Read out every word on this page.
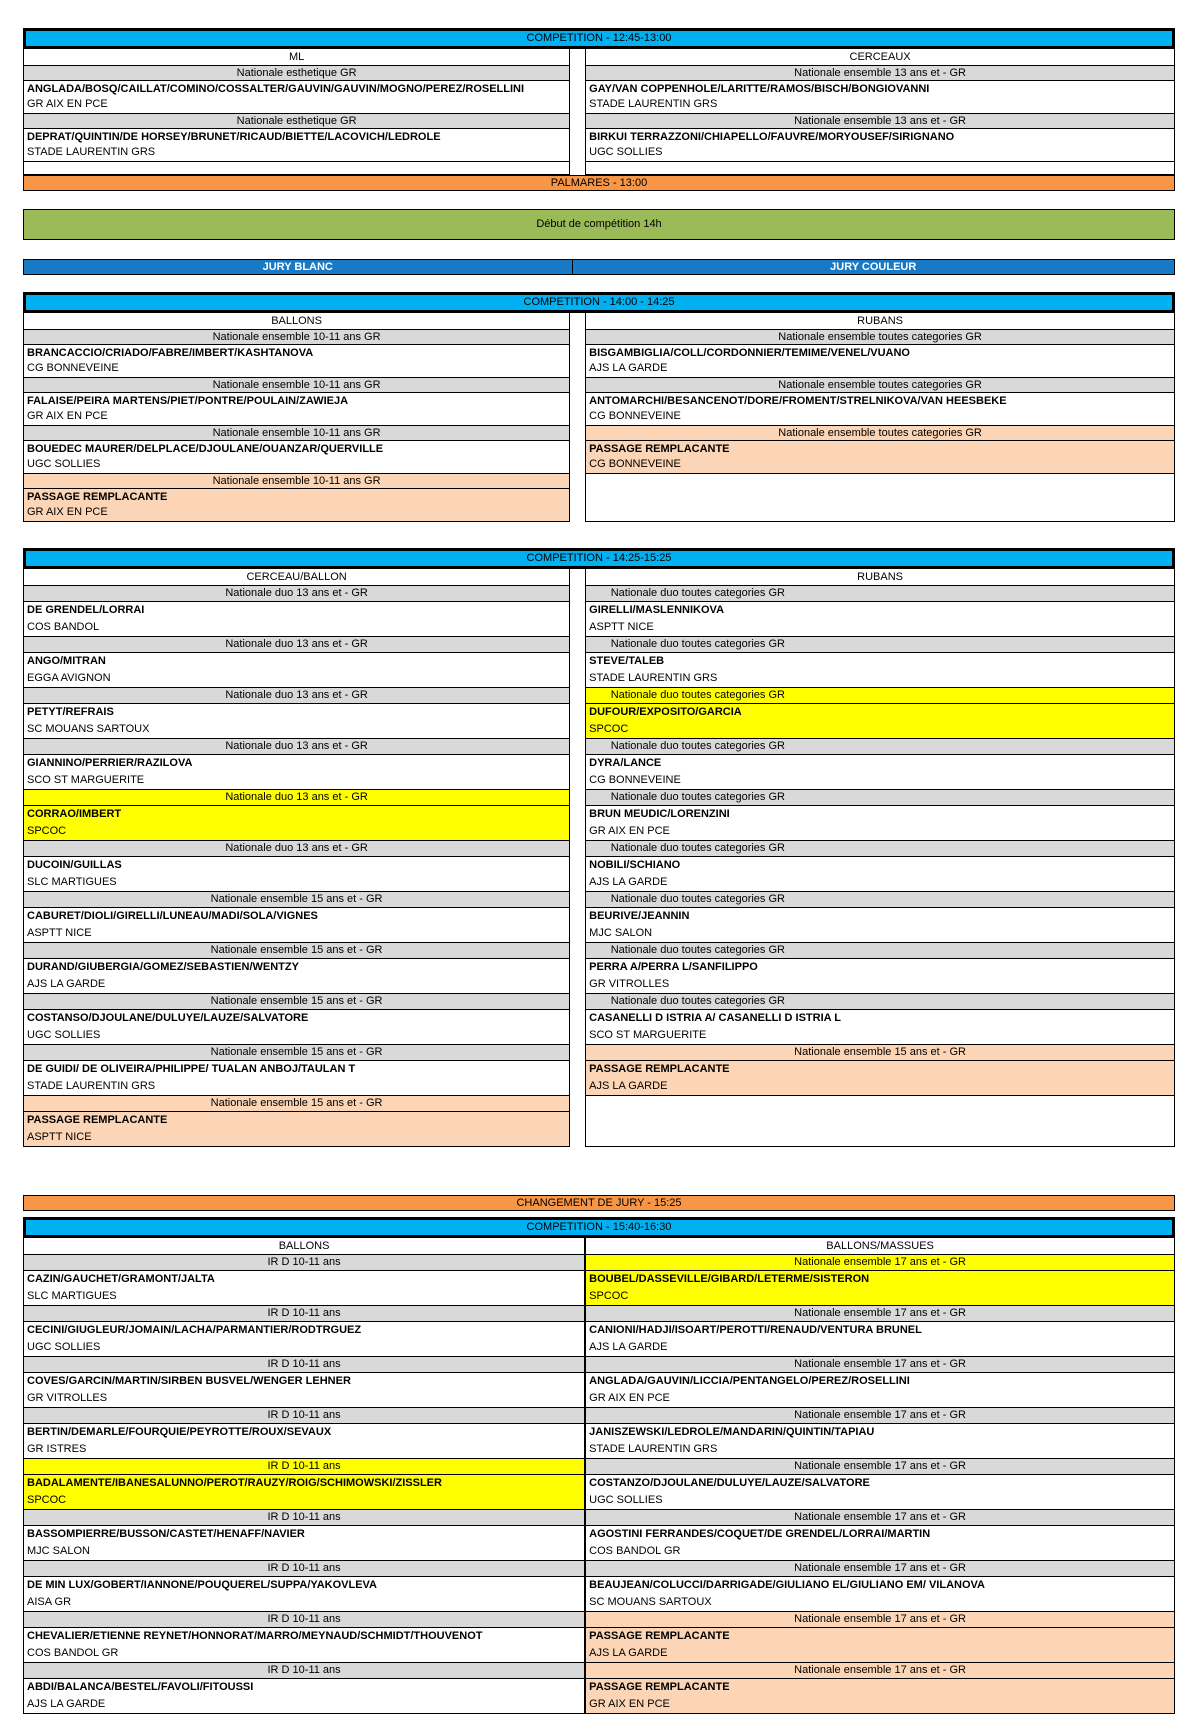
COMPETITION - 12:45-13:00
ML
Nationale esthetique GR
ANGLADA/BOSQ/CAILLAT/COMINO/COSSALTER/GAUVIN/GAUVIN/MOGNO/PEREZ/ROSELLINI
GR AIX EN PCE
Nationale esthetique GR
DEPRAT/QUINTIN/DE HORSEY/BRUNET/RICAUD/BIETTE/LACOVICH/LEDROLE
STADE LAURENTIN GRS
CERCEAUX
Nationale ensemble 13 ans et - GR
GAY/VAN COPPENHOLE/LARITTE/RAMOS/BISCH/BONGIOVANNI
STADE LAURENTIN GRS
Nationale ensemble 13 ans et - GR
BIRKUI TERRAZZONI/CHIAPELLO/FAUVRE/MORYOUSEF/SIRIGNANO
UGC SOLLIES
PALMARES - 13:00
Début de compétition 14h
JURY BLANC	JURY COULEUR
COMPETITION - 14:00 - 14:25
BALLONS
Nationale ensemble 10-11 ans GR
BRANCACCIO/CRIADO/FABRE/IMBERT/KASHTANOVA
CG BONNEVEINE
Nationale ensemble 10-11 ans GR
FALAISE/PEIRA MARTENS/PIET/PONTRE/POULAIN/ZAWIEJA
GR AIX EN PCE
Nationale ensemble 10-11 ans GR
BOUEDEC MAURER/DELPLACE/DJOULANE/OUANZAR/QUERVILLE
UGC SOLLIES
Nationale ensemble 10-11 ans GR
PASSAGE REMPLACANTE
GR AIX EN PCE
RUBANS
Nationale ensemble toutes categories GR
BISGAMBIGLIA/COLL/CORDONNIER/TEMIME/VENEL/VUANO
AJS LA GARDE
Nationale ensemble toutes categories GR
ANTOMARCHI/BESANCENOT/DORE/FROMENT/STRELNIKOVA/VAN HEESBEKE
CG BONNEVEINE
Nationale ensemble toutes categories GR
PASSAGE REMPLACANTE
CG BONNEVEINE
COMPETITION - 14:25-15:25
CERCEAU/BALLON
Nationale duo 13 ans et - GR
DE GRENDEL/LORRAI
COS BANDOL
Nationale duo 13 ans et - GR
ANGO/MITRAN
EGGA AVIGNON
Nationale duo 13 ans et - GR
PETYT/REFRAIS
SC MOUANS SARTOUX
Nationale duo 13 ans et - GR
GIANNINO/PERRIER/RAZILOVA
SCO ST MARGUERITE
Nationale duo 13 ans et - GR
CORRAO/IMBERT
SPCOC
Nationale duo 13 ans et - GR
DUCOIN/GUILLAS
SLC MARTIGUES
Nationale ensemble 15 ans et - GR
CABURET/DIOLI/GIRELLI/LUNEAU/MADI/SOLA/VIGNES
ASPTT NICE
Nationale ensemble 15 ans et - GR
DURAND/GIUBERGIA/GOMEZ/SEBASTIEN/WENTZY
AJS LA GARDE
Nationale ensemble 15 ans et - GR
COSTANSO/DJOULANE/DULUYE/LAUZE/SALVATORE
UGC SOLLIES
Nationale ensemble 15 ans et - GR
DE GUIDI/ DE OLIVEIRA/PHILIPPE/ TUALAN ANBOJ/TAULAN T
STADE LAURENTIN GRS
Nationale ensemble 15 ans et - GR
PASSAGE REMPLACANTE
ASPTT NICE
RUBANS
Nationale duo toutes categories GR
GIRELLI/MASLENNIKOVA
ASPTT NICE
Nationale duo toutes categories GR
STEVE/TALEB
STADE LAURENTIN GRS
Nationale duo toutes categories GR
DUFOUR/EXPOSITO/GARCIA
SPCOC
Nationale duo toutes categories GR
DYRA/LANCE
CG BONNEVEINE
Nationale duo toutes categories GR
BRUN MEUDIC/LORENZINI
GR AIX EN PCE
Nationale duo toutes categories GR
NOBILI/SCHIANO
AJS LA GARDE
Nationale duo toutes categories GR
BEURIVE/JEANNIN
MJC SALON
Nationale duo toutes categories GR
PERRA A/PERRA L/SANFILIPPO
GR VITROLLES
Nationale duo toutes categories GR
CASANELLI D ISTRIA A/ CASANELLI D ISTRIA L
SCO ST MARGUERITE
Nationale ensemble 15 ans et - GR
PASSAGE REMPLACANTE
AJS LA GARDE
CHANGEMENT DE JURY - 15:25
COMPETITION - 15:40-16:30
BALLONS
IR D 10-11 ans
CAZIN/GAUCHET/GRAMONT/JALTA
SLC MARTIGUES
IR D 10-11 ans
CECINI/GIUGLEUR/JOMAIN/LACHA/PARMANTIER/RODTRGUEZ
UGC SOLLIES
IR D 10-11 ans
COVES/GARCIN/MARTIN/SIRBEN BUSVEL/WENGER LEHNER
GR VITROLLES
IR D 10-11 ans
BERTIN/DEMARLE/FOURQUIE/PEYROTTE/ROUX/SEVAUX
GR ISTRES
IR D 10-11 ans
BADALAMENTE/IBANESALUNNO/PEROT/RAUZY/ROIG/SCHIMOWSKI/ZISSLER
SPCOC
IR D 10-11 ans
BASSOMPIERRE/BUSSON/CASTET/HENAFF/NAVIER
MJC SALON
IR D 10-11 ans
DE MIN LUX/GOBERT/IANNONE/POUQUEREL/SUPPA/YAKOVLEVA
AISA GR
IR D 10-11 ans
CHEVALIER/ETIENNE REYNET/HONNORAT/MARRO/MEYNAUD/SCHMIDT/THOUVENOT
COS BANDOL GR
IR D 10-11 ans
ABDI/BALANCA/BESTEL/FAVOLI/FITOUSSI
AJS LA GARDE
BALLONS/MASSUES
Nationale ensemble 17 ans et - GR
BOUBEL/DASSEVILLE/GIBARD/LETERME/SISTERON
SPCOC
Nationale ensemble 17 ans et - GR
CANIONI/HADJI/ISOART/PEROTTI/RENAUD/VENTURA BRUNEL
AJS LA GARDE
Nationale ensemble 17 ans et - GR
ANGLADA/GAUVIN/LICCIA/PENTANGELO/PEREZ/ROSELLINI
GR AIX EN PCE
Nationale ensemble 17 ans et - GR
JANISZEWSKI/LEDROLE/MANDARIN/QUINTIN/TAPIAU
STADE LAURENTIN GRS
Nationale ensemble 17 ans et - GR
COSTANZO/DJOULANE/DULUYE/LAUZE/SALVATORE
UGC SOLLIES
Nationale ensemble 17 ans et - GR
AGOSTINI FERRANDES/COQUET/DE GRENDEL/LORRAI/MARTIN
COS BANDOL GR
Nationale ensemble 17 ans et - GR
BEAUJEAN/COLUCCI/DARRIGADE/GIULIANO EL/GIULIANO EM/ VILANOVA
SC MOUANS SARTOUX
Nationale ensemble 17 ans et - GR
PASSAGE REMPLACANTE
AJS LA GARDE
Nationale ensemble 17 ans et - GR
PASSAGE REMPLACANTE
GR AIX EN PCE
